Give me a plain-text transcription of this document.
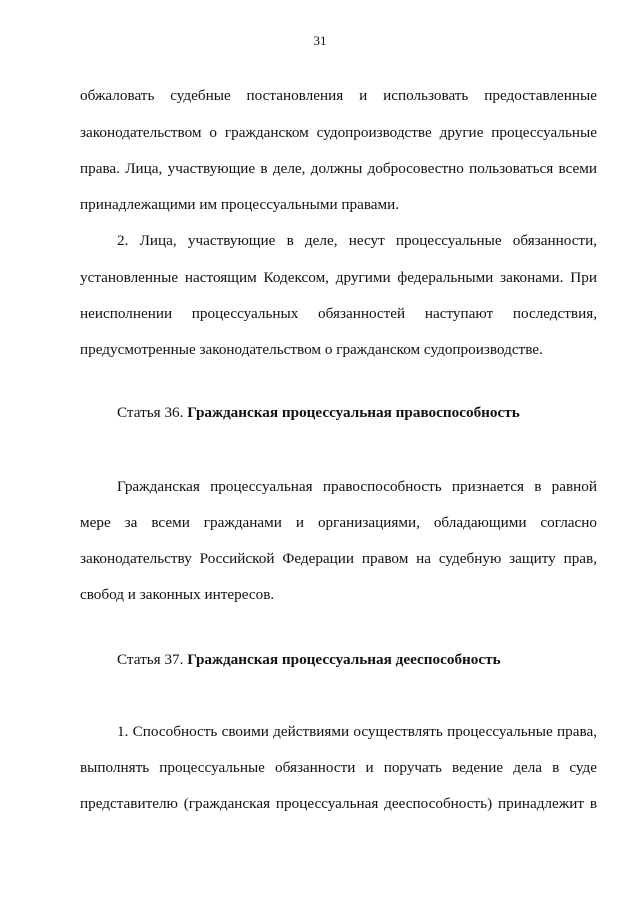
31
обжаловать судебные постановления и использовать предоставленные
законодательством о гражданском судопроизводстве другие процессуальные
права. Лица, участвующие в деле, должны добросовестно пользоваться всеми
принадлежащими им процессуальными правами.
2. Лица, участвующие в деле, несут процессуальные обязанности,
установленные настоящим Кодексом, другими федеральными законами. При
неисполнении процессуальных обязанностей наступают последствия,
предусмотренные законодательством о гражданском судопроизводстве.
Статья 36. Гражданская процессуальная правоспособность
Гражданская процессуальная правоспособность признается в равной
мере за всеми гражданами и организациями, обладающими согласно
законодательству Российской Федерации правом на судебную защиту прав,
свобод и законных интересов.
Статья 37. Гражданская процессуальная дееспособность
1. Способность своими действиями осуществлять процессуальные права,
выполнять процессуальные обязанности и поручать ведение дела в суде
представителю (гражданская процессуальная дееспособность) принадлежит в
